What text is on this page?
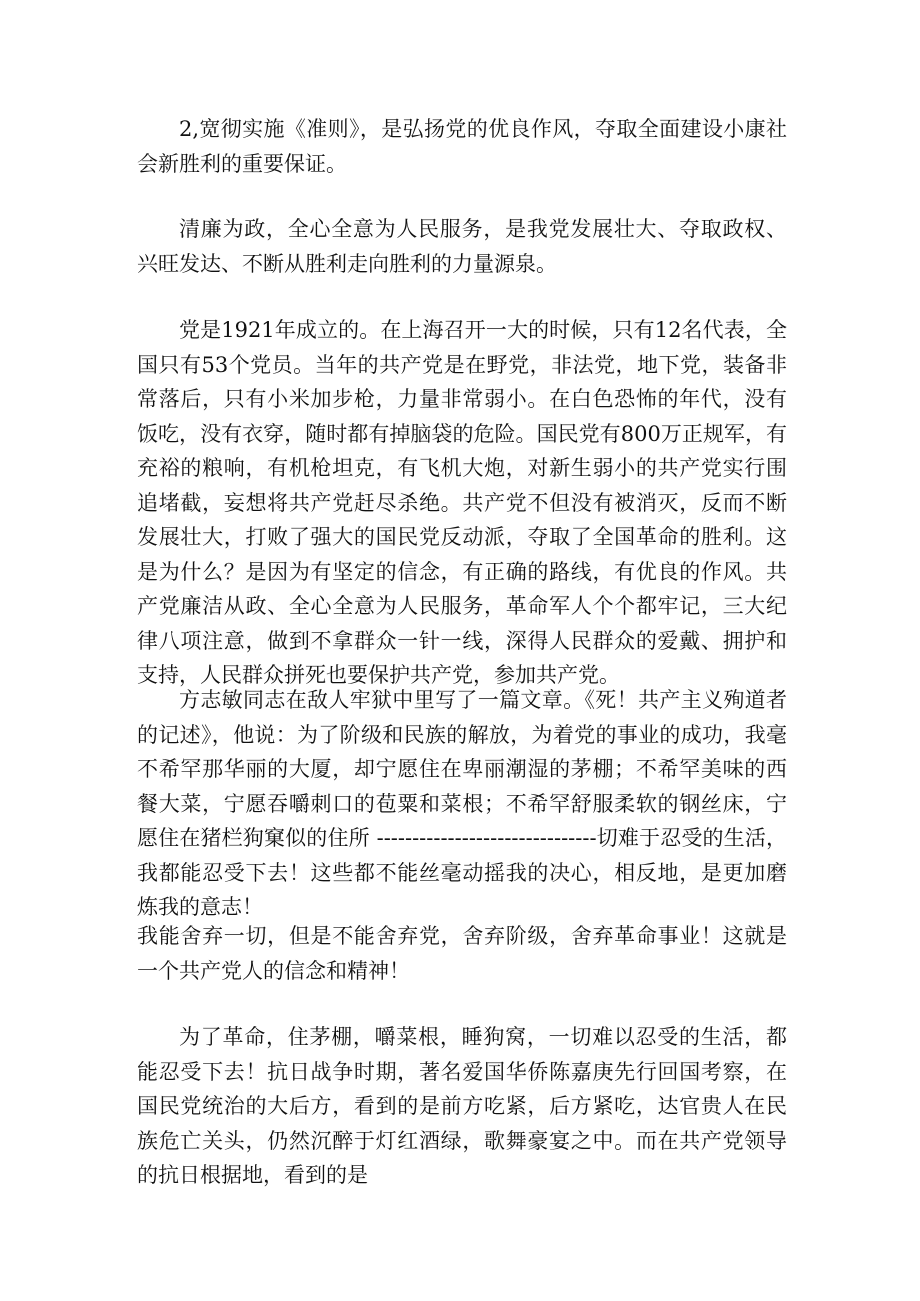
2,宽彻实施《准则》，是弘扬党的优良作风，夺取全面建设小康社会新胜利的重要保证。

清廉为政，全心全意为人民服务，是我党发展壮大、夺取政权、兴旺发达、不断从胜利走向胜利的力量源泉。

党是1921年成立的。在上海召开一大的时候，只有12名代表，全国只有53个党员。当年的共产党是在野党，非法党，地下党，装备非常落后，只有小米加步枪，力量非常弱小。在白色恐怖的年代，没有饭吃，没有衣穿，随时都有掉脑袋的危险。国民党有800万正规军，有充裕的粮响，有机枪坦克，有飞机大炮，对新生弱小的共产党实行围追堵截，妄想将共产党赶尽杀绝。共产党不但没有被消灭，反而不断发展壮大，打败了强大的国民党反动派，夺取了全国革命的胜利。这是为什么？是因为有坚定的信念，有正确的路线，有优良的作风。共产党廉洁从政、全心全意为人民服务，革命军人个个都牢记，三大纪律八项注意，做到不拿群众一针一线，深得人民群众的爱戴、拥护和支持，人民群众拼死也要保护共产党，参加共产党。

方志敏同志在敌人牢狱中里写了一篇文章。《死！共产主义殉道者的记述》，他说：为了阶级和民族的解放，为着党的事业的成功，我毫不希罕那华丽的大厦，却宁愿住在卑丽潮湿的茅棚；不希罕美味的西餐大菜，宁愿吞嚼刺口的苞粟和菜根；不希罕舒服柔软的钢丝床，宁愿住在猪栏狗窠似的住所 -------------------------------切难于忍受的生活，我都能忍受下去！这些都不能丝毫动摇我的决心，相反地，是更加磨炼我的意志！

我能舍弃一切，但是不能舍弃党，舍弃阶级，舍弃革命事业！这就是一个共产党人的信念和精神！

为了革命，住茅棚，嚼菜根，睡狗窝，一切难以忍受的生活，都能忍受下去！抗日战争时期，著名爱国华侨陈嘉庚先行回国考察，在国民党统治的大后方，看到的是前方吃紧，后方紧吃，达官贵人在民族危亡关头，仍然沉醉于灯红酒绿，歌舞豪宴之中。而在共产党领导的抗日根据地，看到的是
